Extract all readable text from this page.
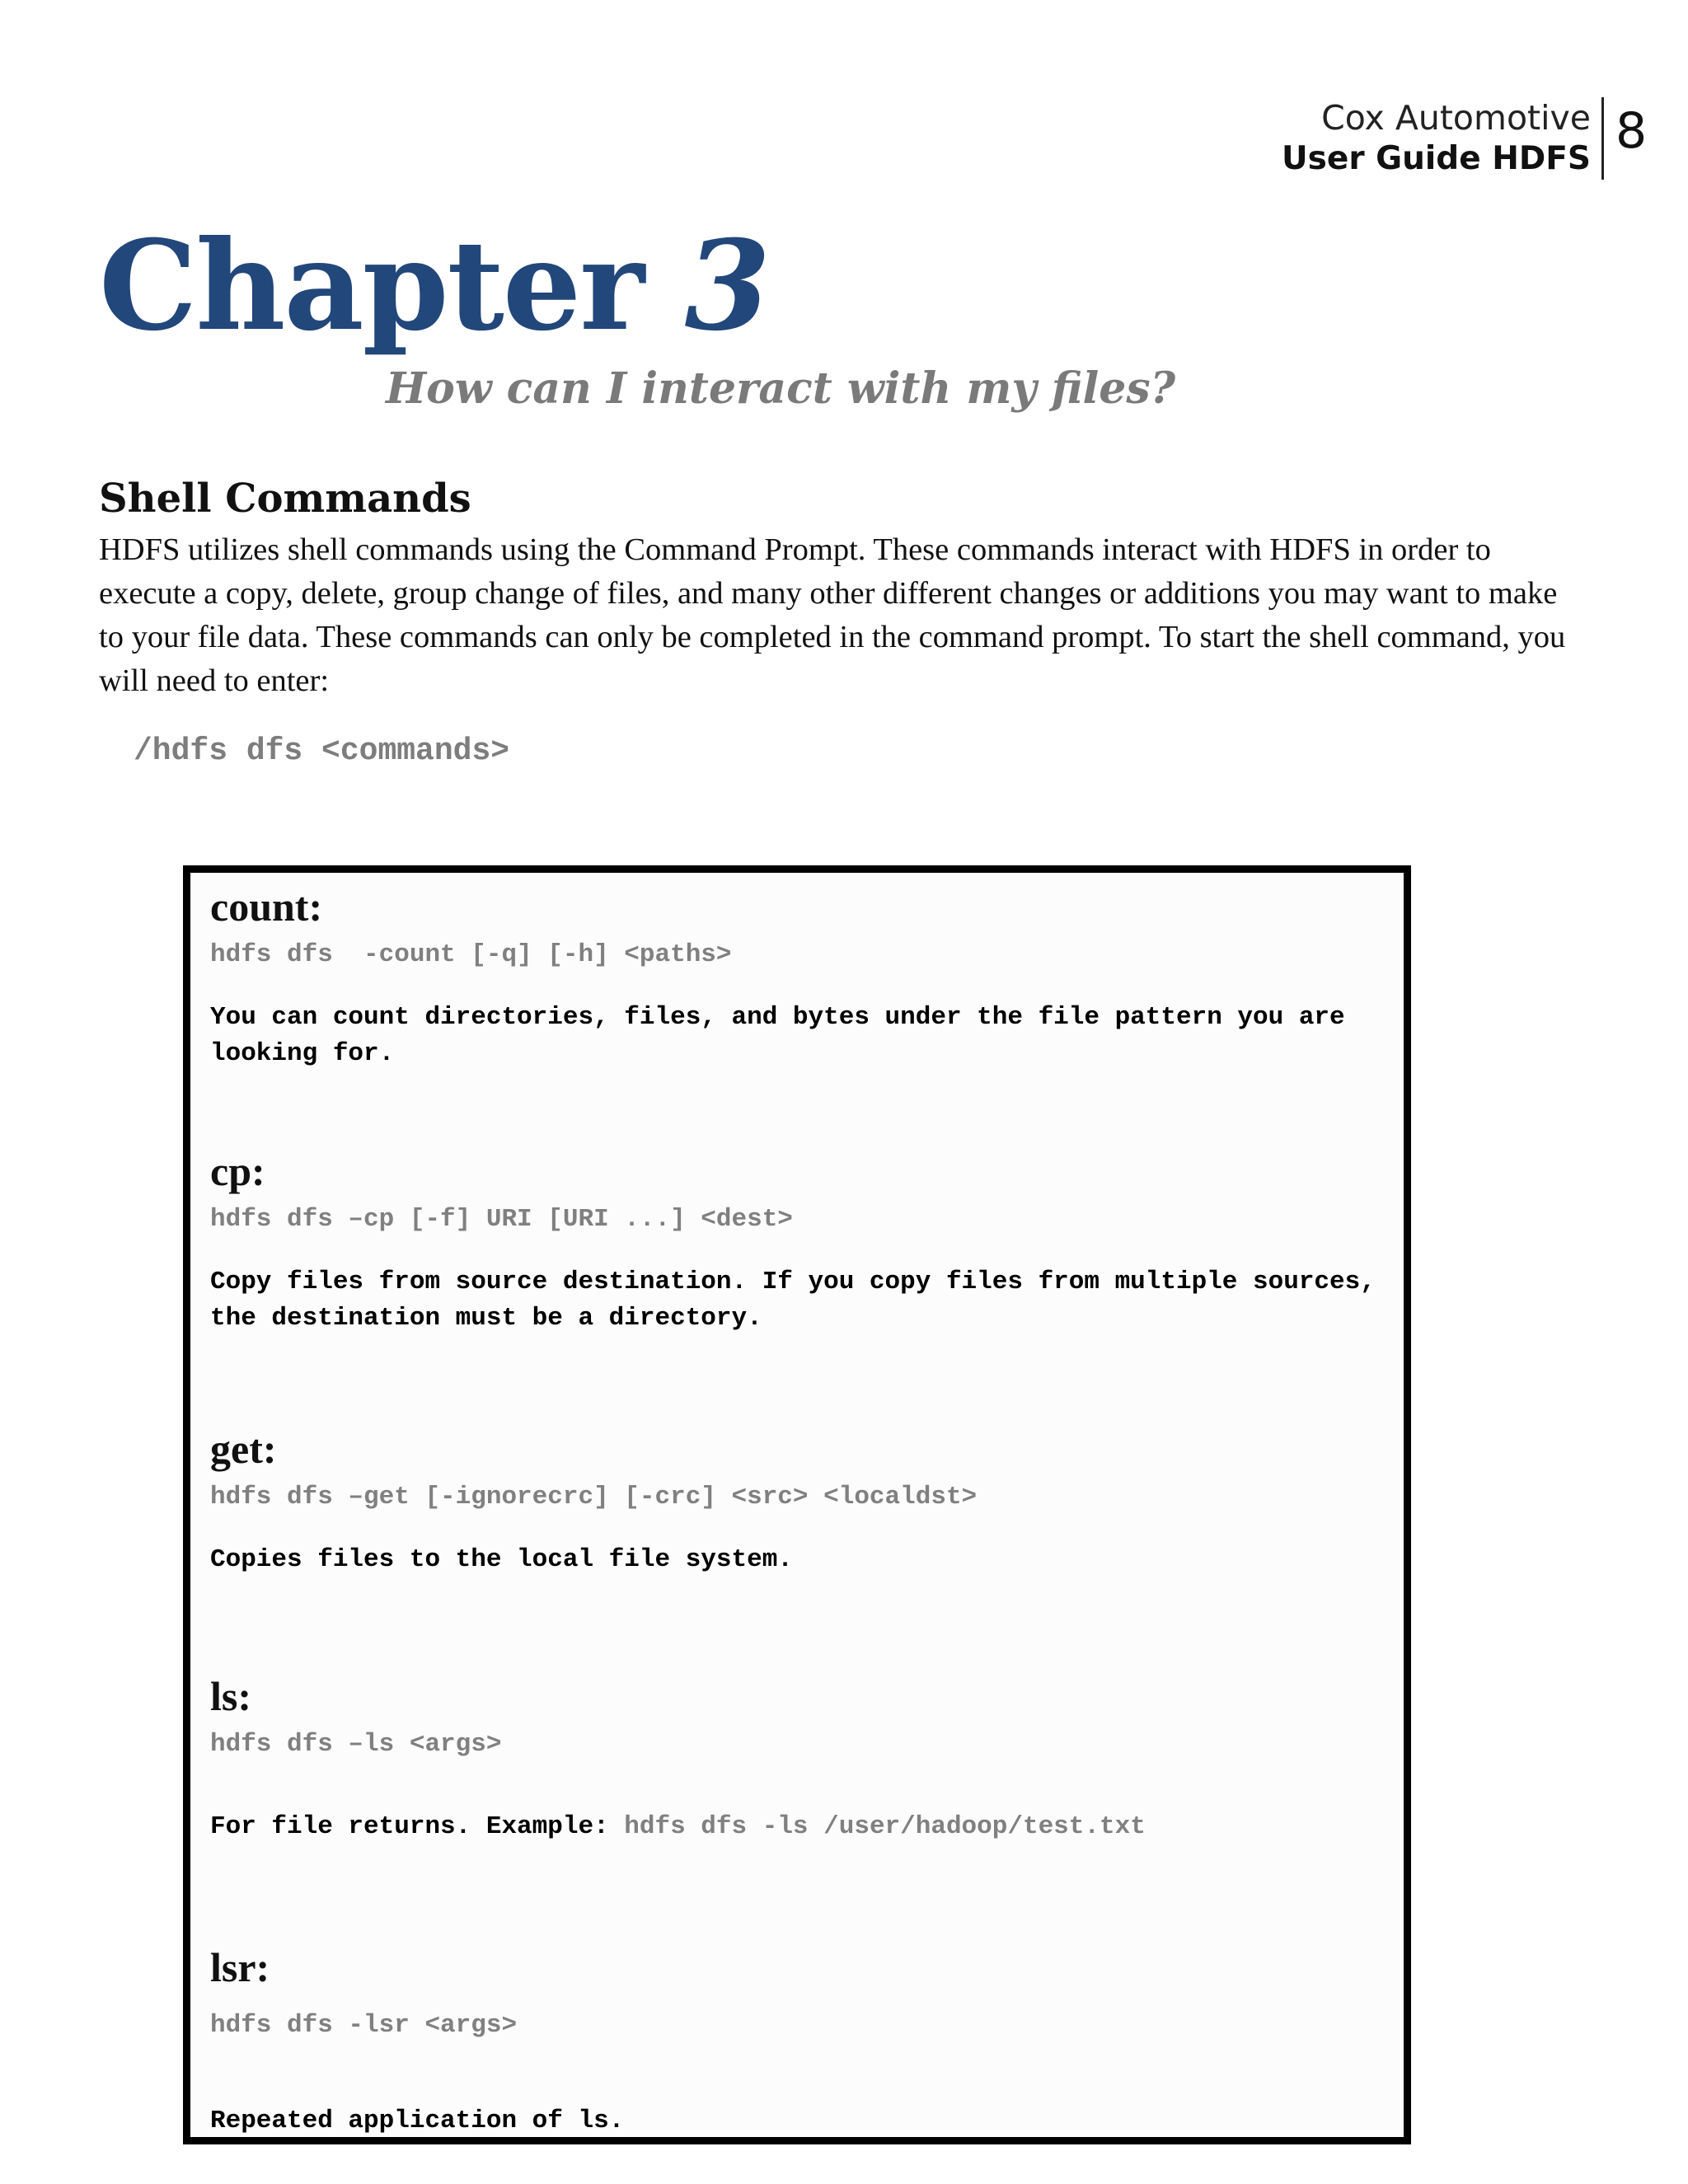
Cox Automotive
User Guide HDFS 8
Chapter 3
How can I interact with my files?
Shell Commands

HDFS utilizes shell commands using the Command Prompt. These commands interact with HDFS in order to execute a copy, delete, group change of files, and many other different changes or additions you may want to make to your file data. These commands can only be completed in the command prompt. To start the shell command, you will need to enter:

/hdfs dfs <commands>
count:
hdfs dfs  -count [-q] [-h] <paths>

You can count directories, files, and bytes under the file pattern you are looking for.

cp:
hdfs dfs –cp [-f] URI [URI ...] <dest>

Copy files from source destination. If you copy files from multiple sources, the destination must be a directory.

get:
hdfs dfs –get [-ignorecrc] [-crc] <src> <localdst>

Copies files to the local file system.

ls:
hdfs dfs –ls <args>

For file returns. Example: hdfs dfs -ls /user/hadoop/test.txt

lsr:
hdfs dfs -lsr <args>

Repeated application of ls.
